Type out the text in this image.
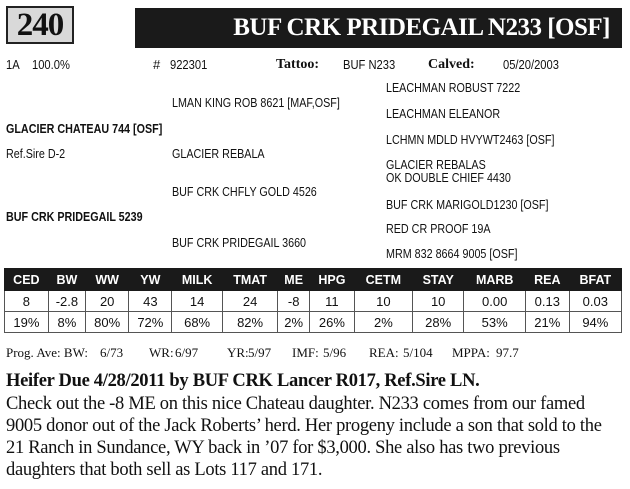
240	BUF CRK PRIDEGAIL N233 [OSF]
1A 100.0%	# 922301	Tattoo: BUF N233	Calved: 05/20/2003
LEACHMAN ROBUST 7222
LMAN KING ROB 8621 [MAF,OSF]
LEACHMAN ELEANOR
GLACIER CHATEAU 744 [OSF]
LCHMN MDLD HVYWT2463 [OSF]
Ref.Sire D-2	GLACIER REBALA
GLACIER REBALAS
OK DOUBLE CHIEF 4430
BUF CRK CHFLY GOLD 4526
BUF CRK MARIGOLD1230 [OSF]
BUF CRK PRIDEGAIL 5239
RED CR PROOF 19A
BUF CRK PRIDEGAIL 3660
MRM 832 8664 9005 [OSF]
CED	BW	WW	YW	MILK	TMAT	ME	HPG	CETM	STAY	MARB	REA	BFAT
8	-2.8	20	43	14	24	-8	11	10	10	0.00	0.13	0.03
19%	8%	80%	72%	68%	82%	2%	26%	2%	28%	53%	21%	94%
Prog. Ave: BW: 6/73 WR: 6/97 YR: 5/97 IMF: 5/96 REA: 5/104 MPPA: 97.7
Heifer Due 4/28/2011 by BUF CRK Lancer R017, Ref.Sire LN.
Check out the -8 ME on this nice Chateau daughter. N233 comes from our famed 9005 donor out of the Jack Roberts’ herd. Her progeny include a son that sold to the 21 Ranch in Sundance, WY back in ’07 for $3,000. She also has two previous daughters that both sell as Lots 117 and 171.
